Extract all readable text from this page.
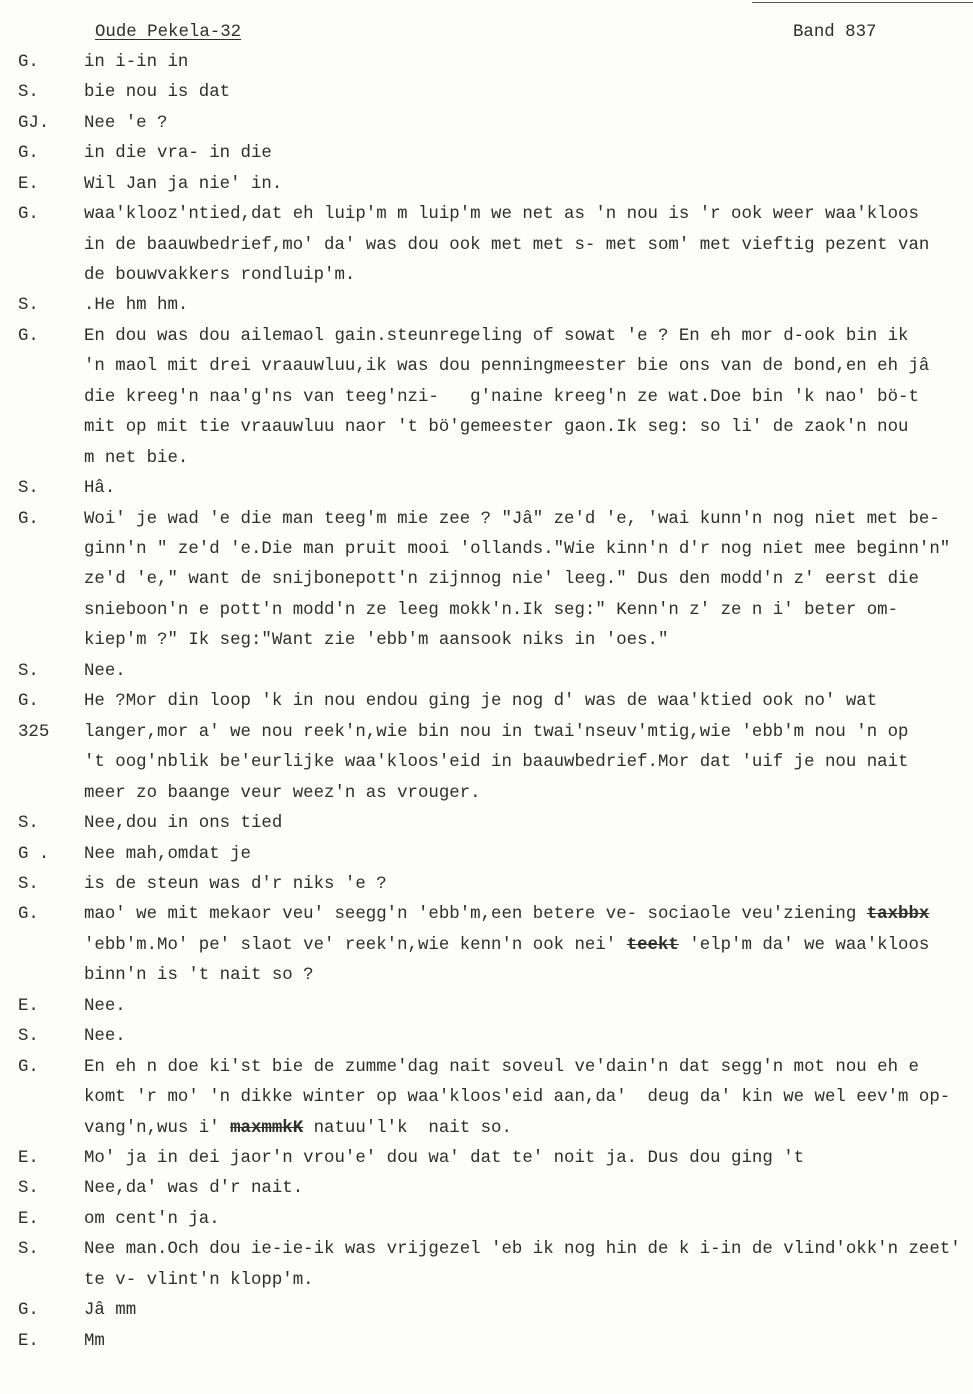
Oude Pekela-32	Band 837
G.	in i-in in
S.	bie nou is dat
GJ. Nee 'e ?
G.	in die vra- in die
E.	Wil Jan ja nie' in.
G.	waa'klooz'ntied,dat eh luip'm m luip'm we net as 'n nou is 'r ook weer waa'kloos
in de baauwbedrief,mo' da' was dou ook met met s- met som' met vieftig pezent van
de bouwvakkers rondluip'm.
S.	.He hm hm.
G.	En dou was dou ailemaol gain.steunregeling of sowat 'e ? En eh mor d-ook bin ik
'n maol mit drei vraauwluu,ik was dou penningmeester bie ons van de bond,en eh jâ
die kreeg'n naa'g'ns van teeg'nzi-   g'naine kreeg'n ze wat.Doe bin 'k nao' bö-t
mit op mit tie vraauwluu naor 't bö'gemeester gaon.Ik seg: so li' de zaok'n nou
m net bie.
S.	Hâ.
G.	Woi' je wad 'e die man teeg'm mie zee ? "Jâ" ze'd 'e, 'wai kunn'n nog niet met be-
ginn'n " ze'd 'e.Die man pruit mooi 'ollands."Wie kinn'n d'r nog niet mee beginn'n"
ze'd 'e," want de snijbonepott'n zijnnog nie' leeg." Dus den modd'n z' eerst die
snieboon'n e pott'n modd'n ze leeg mokk'n.Ik seg:" Kenn'n z' ze n i' beter om-
kiep'm ?" Ik seg:"Want zie 'ebb'm aansook niks in 'oes."
S.	Nee.
G.	He ?Mor din loop 'k in nou endou ging je nog d' was de waa'ktied ook no' wat
325 langer,mor a' we nou reek'n,wie bin nou in twai'nseuv'mtig,wie 'ebb'm nou 'n op
't oog'nblik be'eurlijke waa'kloos'eid in baauwbedrief.Mor dat 'uif je nou nait
meer zo baange veur weez'n as vrouger.
S.	Nee,dou in ons tied
G . Nee mah,omdat je
S.	is de steun was d'r niks 'e ?
G.	mao' we mit mekaor veu' seegg'n 'ebb'm,een betere ve- sociaole veu'ziening taxbbx
'ebb'm.Mo' pe' slaot ve' reek'n,wie kenn'n ook nei' teekt 'elp'm da' we waa'kloos
binn'n is 't nait so ?
E.	Nee.
S.	Nee.
G.	En eh n doe ki'st bie de zumme'dag nait soveul ve'dain'n dat segg'n mot nou eh e
komt 'r mo' 'n dikke winter op waa'kloos'eid aan,da'  deug da' kin we wel eev'm op-
vang'n,wus i' maxmmkK natuu'l'k  nait so.
E.	Mo' ja in dei jaor'n vrou'e' dou wa' dat te' noit ja. Dus dou ging 't
S.	Nee,da' was d'r nait.
E.	om cent'n ja.
S.	Nee man.Och dou ie-ie-ik was vrijgezel 'eb ik nog hin de k i-in de vlind'okk'n zeet'
te v- vlint'n klopp'm.
G.	Jâ mm
E.	Mm
